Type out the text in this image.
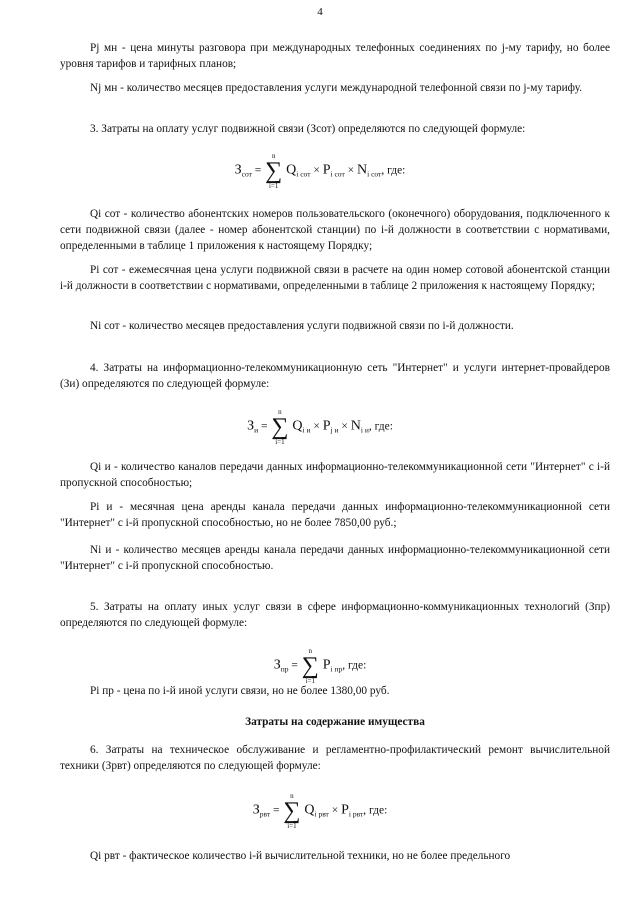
4

Pj мн - цена минуты разговора при международных телефонных соединениях по j-му тарифу, но более уровня тарифов и тарифных планов;

Nj мн - количество месяцев предоставления услуги международной телефонной связи по j-му тарифу.

3. Затраты на оплату услуг подвижной связи (Зсот) определяются по следующей формуле:

$З_{сот}$ =
n
∑
i=1
$Q_{i сот} \times P_{i сот} \times N_{i сот}$, где:

Qi сот - количество абонентских номеров пользовательского (оконечного) оборудования, подключенного к сети подвижной связи (далее - номер абонентской станции) по i-й должности в соответствии с нормативами, определенными в таблице 1 приложения к настоящему Порядку;

Pi сот - ежемесячная цена услуги подвижной связи в расчете на один номер сотовой абонентской станции i-й должности в соответствии с нормативами, определенными в таблице 2 приложения к настоящему Порядку;

Ni сот - количество месяцев предоставления услуги подвижной связи по i-й должности.

4. Затраты на информационно-телекоммуникационную сеть "Интернет" и услуги интернет-провайдеров (Зи) определяются по следующей формуле:

$З_и$ =
n
∑
i=1
$Q_{i и} \times P_{j и} \times N_{i и}$, где:

Qi и - количество каналов передачи данных информационно-телекоммуникационной сети "Интернет" с i-й пропускной способностью;

Pi и - месячная цена аренды канала передачи данных информационно-телекоммуникационной сети "Интернет" с i-й пропускной способностью, но не более 7850,00 руб.;

Ni и - количество месяцев аренды канала передачи данных информационно-телекоммуникационной сети "Интернет" с i-й пропускной способностью.

5. Затраты на оплату иных услуг связи в сфере информационно-коммуникационных технологий (Зпр) определяются по следующей формуле:

$З_{пр}$ =
n
∑
i=1
$P_{i пр}$, где:

Pi пр - цена по i-й иной услуги связи, но не более 1380,00 руб.

Затраты на содержание имущества

6. Затраты на техническое обслуживание и регламентно-профилактический ремонт вычислительной техники (Зрвт) определяются по следующей формуле:

$З_{рвт}$ =
n
∑
i=1
$Q_{i рвт} \times P_{i рвт}$, где:

Qi рвт - фактическое количество i-й вычислительной техники, но не более предельного
